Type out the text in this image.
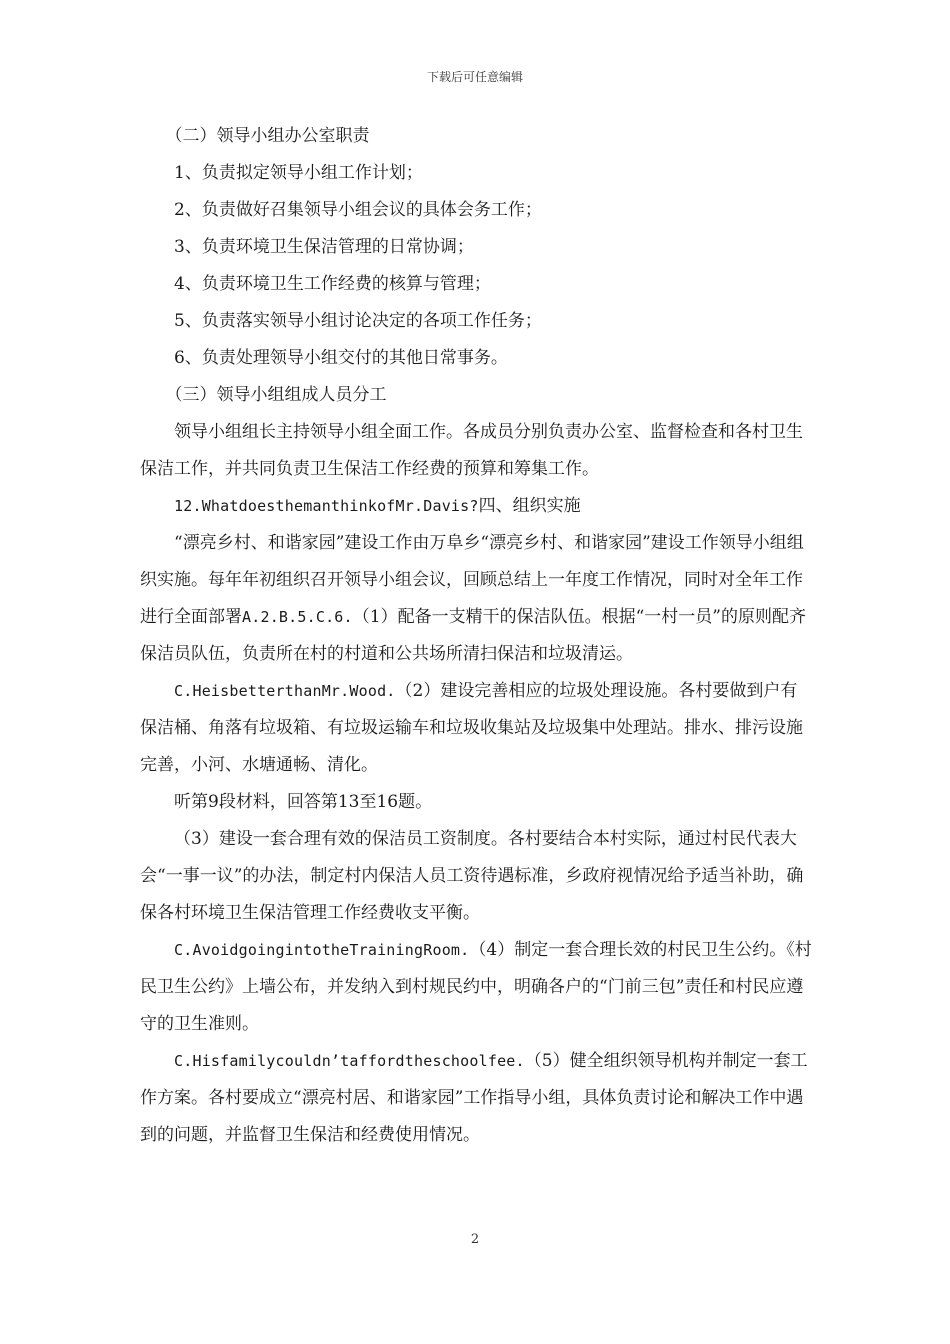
下载后可任意编辑

（二）领导小组办公室职责

1、负责拟定领导小组工作计划；

2、负责做好召集领导小组会议的具体会务工作；

3、负责环境卫生保洁管理的日常协调；

4、负责环境卫生工作经费的核算与管理；

5、负责落实领导小组讨论决定的各项工作任务；

6、负责处理领导小组交付的其他日常事务。

（三）领导小组组成人员分工

领导小组组长主持领导小组全面工作。各成员分别负责办公室、监督检查和各村卫生保洁工作，并共同负责卫生保洁工作经费的预算和筹集工作。

12.WhatdoesthemanthinkofMr.Davis?四、组织实施

“漂亮乡村、和谐家园”建设工作由万阜乡“漂亮乡村、和谐家园”建设工作领导小组组织实施。每年年初组织召开领导小组会议，回顾总结上一年度工作情况，同时对全年工作进行全面部署A.2.B.5.C.6.（1）配备一支精干的保洁队伍。根据“一村一员”的原则配齐保洁员队伍，负责所在村的村道和公共场所清扫保洁和垃圾清运。

C.HeisbetterthanMr.Wood.（2）建设完善相应的垃圾处理设施。各村要做到户有保洁桶、角落有垃圾箱、有垃圾运输车和垃圾收集站及垃圾集中处理站。排水、排污设施完善，小河、水塘通畅、清化。

听第9段材料，回答第13至16题。

（3）建设一套合理有效的保洁员工资制度。各村要结合本村实际，通过村民代表大会“一事一议”的办法，制定村内保洁人员工资待遇标准，乡政府视情况给予适当补助，确保各村环境卫生保洁管理工作经费收支平衡。

C.AvoidgoingintotheTrainingRoom.（4）制定一套合理长效的村民卫生公约。《村民卫生公约》上墙公布，并发纳入到村规民约中，明确各户的“门前三包”责任和村民应遵守的卫生准则。

C.Hisfamilycouldn’taffordtheschoolfee.（5）健全组织领导机构并制定一套工作方案。各村要成立“漂亮村居、和谐家园”工作指导小组，具体负责讨论和解决工作中遇到的问题，并监督卫生保洁和经费使用情况。

2
